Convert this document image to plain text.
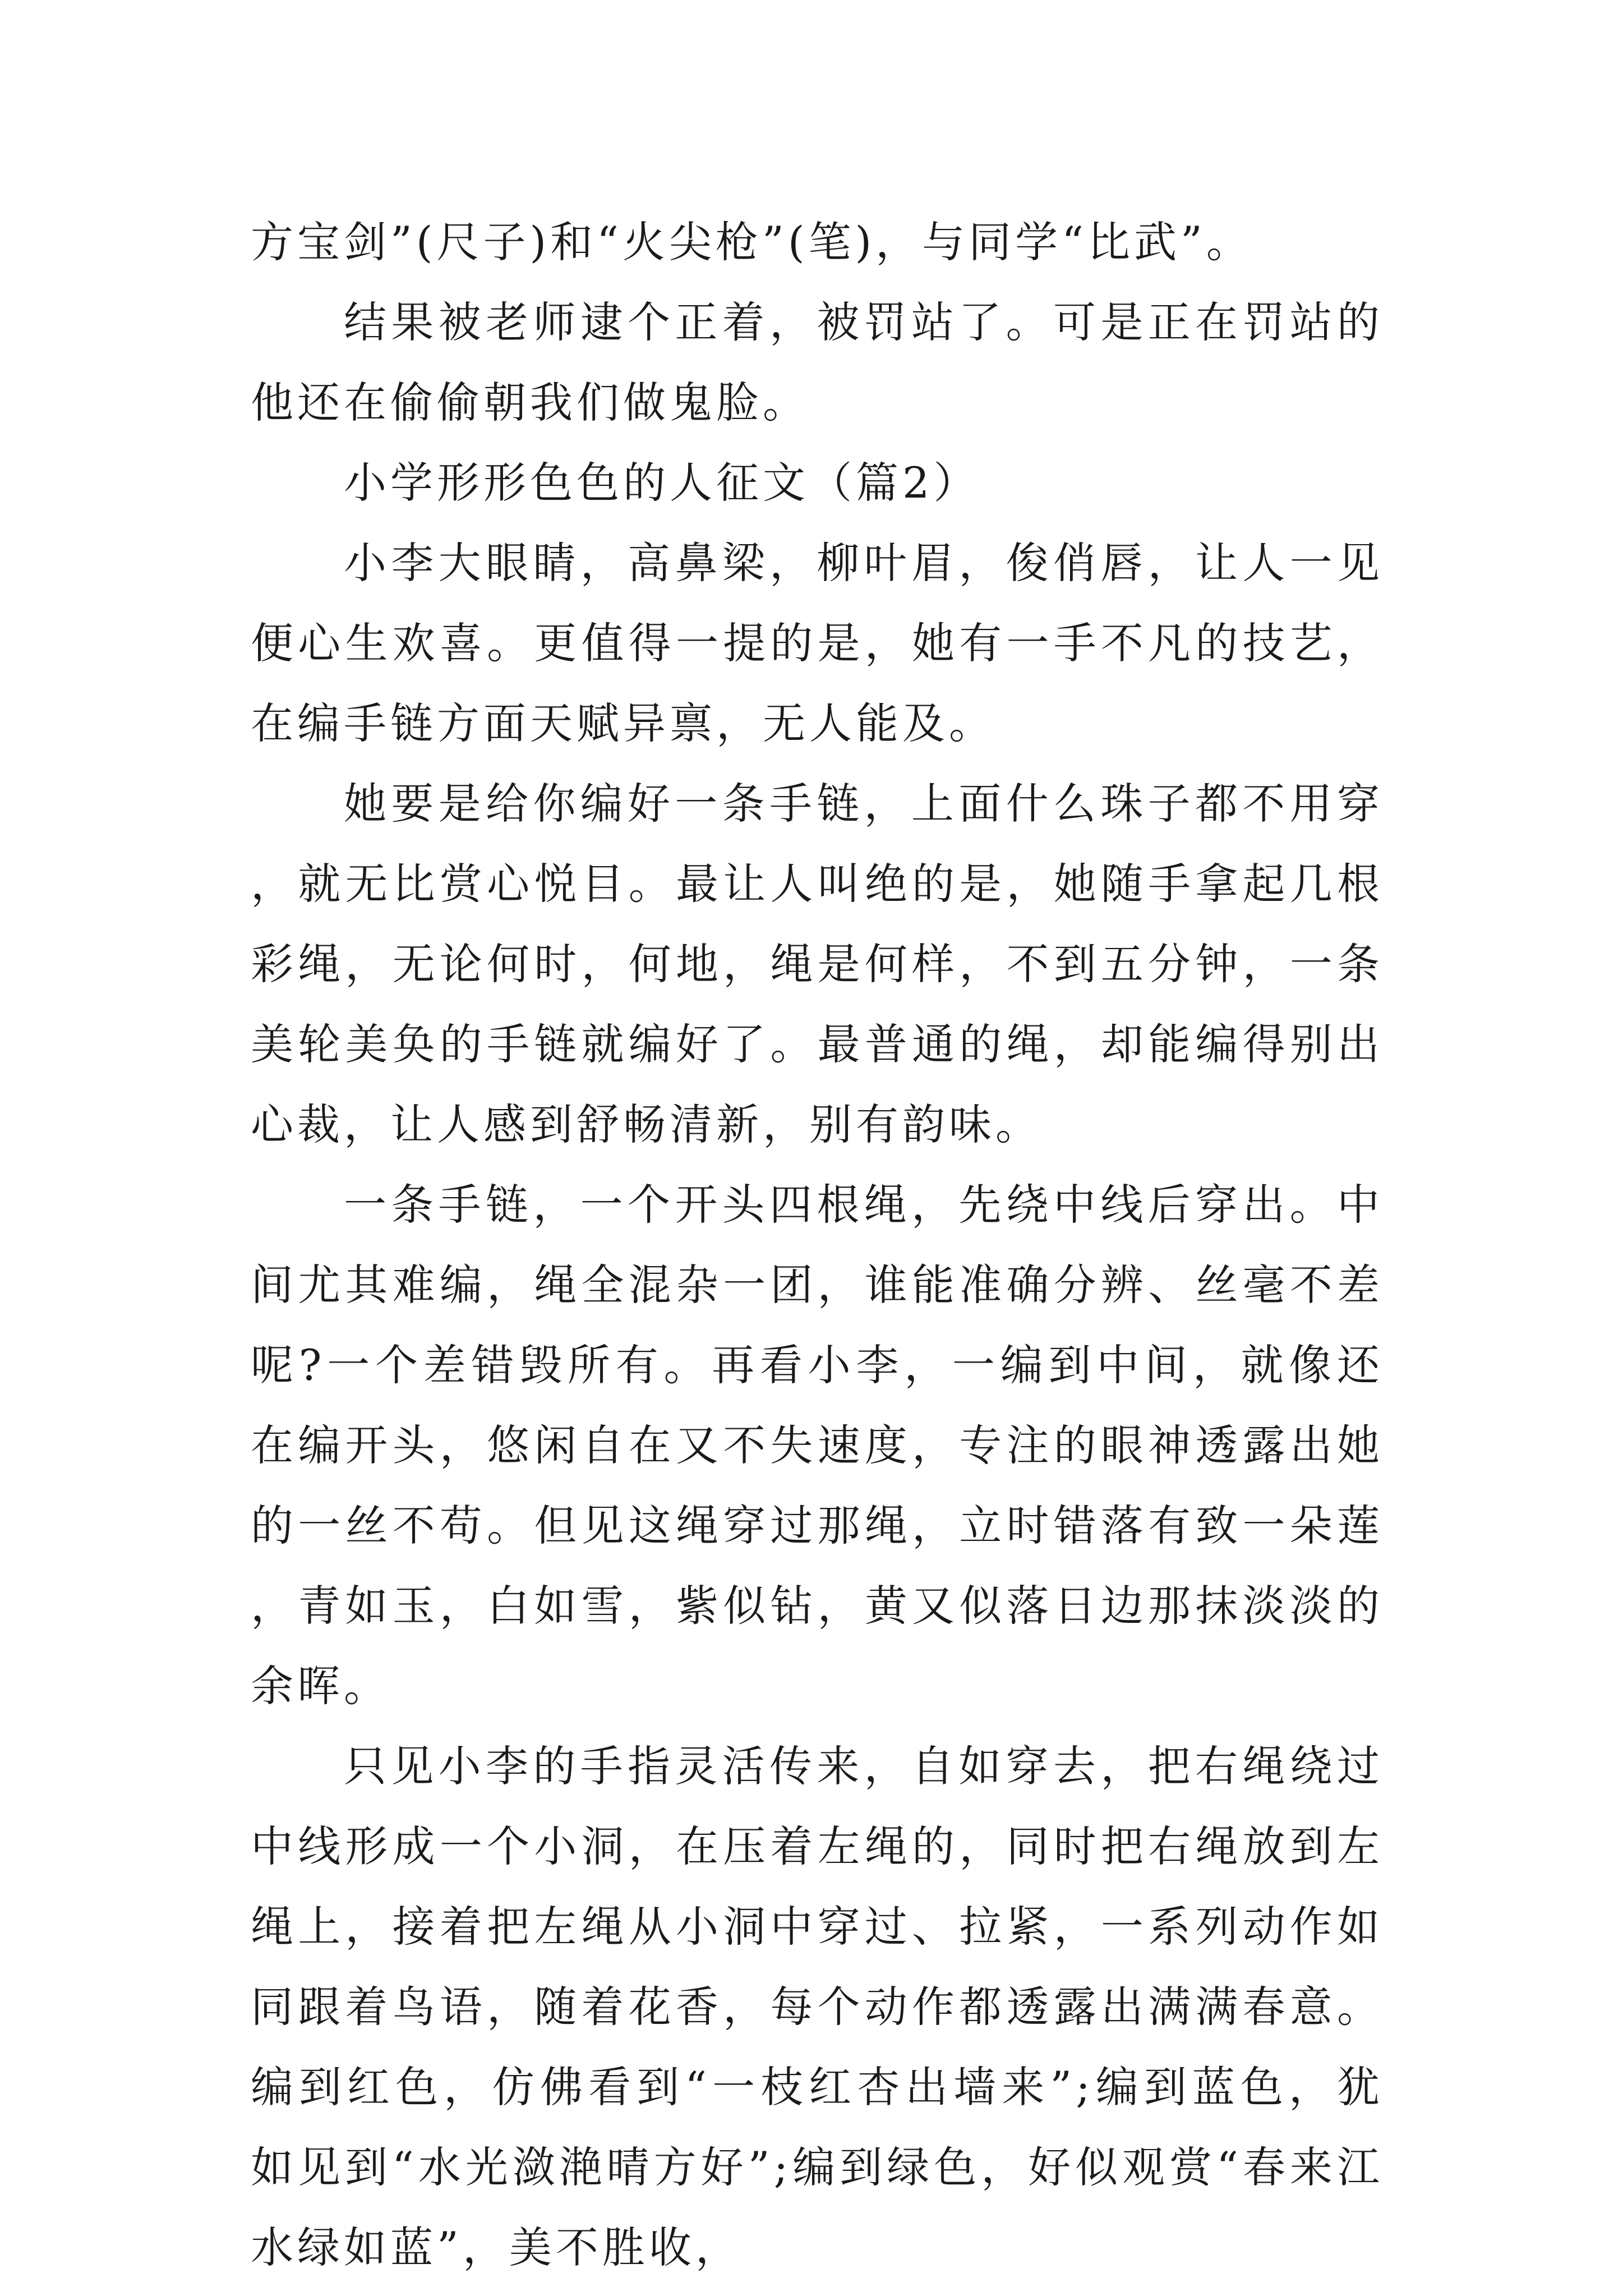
方宝剑”(尺子)和“火尖枪”(笔)，与同学“比武”。

结果被老师逮个正着，被罚站了。可是正在罚站的他还在偷偷朝我们做鬼脸。

小学形形色色的人征文（篇2）

小李大眼睛，高鼻梁，柳叶眉，俊俏唇，让人一见便心生欢喜。更值得一提的是，她有一手不凡的技艺，在编手链方面天赋异禀，无人能及。

她要是给你编好一条手链，上面什么珠子都不用穿，就无比赏心悦目。最让人叫绝的是，她随手拿起几根彩绳，无论何时，何地，绳是何样，不到五分钟，一条美轮美奂的手链就编好了。最普通的绳，却能编得别出心裁，让人感到舒畅清新，别有韵味。

一条手链，一个开头四根绳，先绕中线后穿出。中间尤其难编，绳全混杂一团，谁能准确分辨、丝毫不差呢?一个差错毁所有。再看小李，一编到中间，就像还在编开头，悠闲自在又不失速度，专注的眼神透露出她的一丝不苟。但见这绳穿过那绳，立时错落有致一朵莲，青如玉，白如雪，紫似钻，黄又似落日边那抹淡淡的余晖。

只见小李的手指灵活传来，自如穿去，把右绳绕过中线形成一个小洞，在压着左绳的，同时把右绳放到左绳上，接着把左绳从小洞中穿过、拉紧，一系列动作如同跟着鸟语，随着花香，每个动作都透露出满满春意。编到红色，仿佛看到“一枝红杏出墙来”;编到蓝色，犹如见到“水光潋滟晴方好”;编到绿色，好似观赏“春来江水绿如蓝”，美不胜收，
